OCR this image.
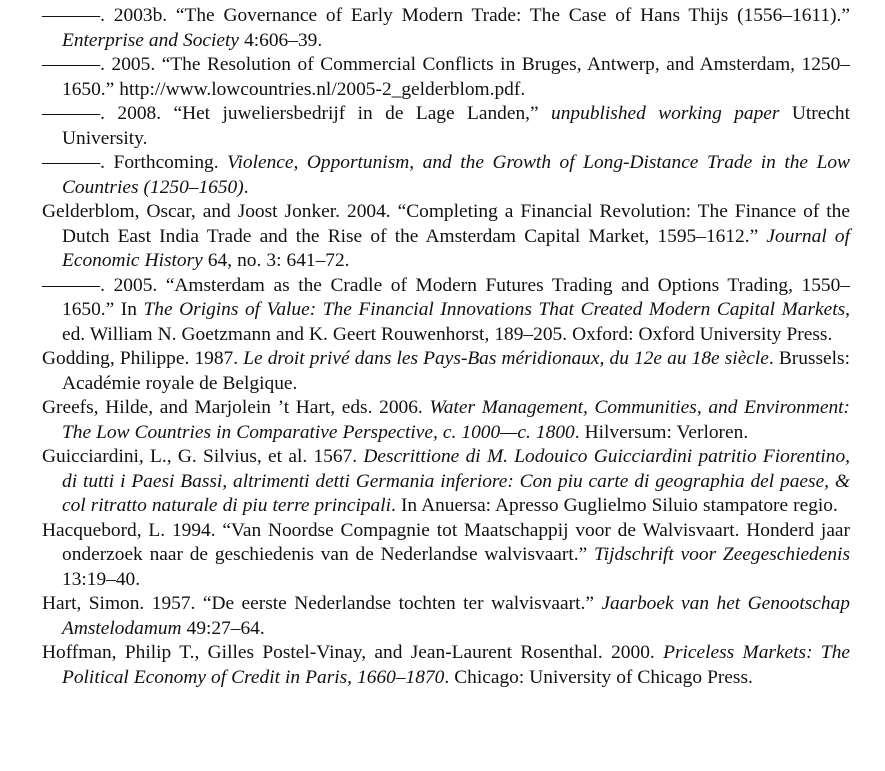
———. 2003b. “The Governance of Early Modern Trade: The Case of Hans Thijs (1556–1611).” Enterprise and Society 4:606–39.

———. 2005. “The Resolution of Commercial Conflicts in Bruges, Antwerp, and Amsterdam, 1250–1650.” http://www.lowcountries.nl/2005-2_gelderblom.pdf.

———. 2008. “Het juweliersbedrijf in de Lage Landen,” unpublished working paper Utrecht University.

———. Forthcoming. Violence, Opportunism, and the Growth of Long-Distance Trade in the Low Countries (1250–1650).

Gelderblom, Oscar, and Joost Jonker. 2004. “Completing a Financial Revolution: The Finance of the Dutch East India Trade and the Rise of the Amsterdam Capital Market, 1595–1612.” Journal of Economic History 64, no. 3: 641–72.

———. 2005. “Amsterdam as the Cradle of Modern Futures Trading and Options Trading, 1550–1650.” In The Origins of Value: The Financial Innovations That Created Modern Capital Markets, ed. William N. Goetzmann and K. Geert Rouwenhorst, 189–205. Oxford: Oxford University Press.

Godding, Philippe. 1987. Le droit privé dans les Pays-Bas méridionaux, du 12e au 18e siècle. Brussels: Académie royale de Belgique.

Greefs, Hilde, and Marjolein ’t Hart, eds. 2006. Water Management, Communities, and Environment: The Low Countries in Comparative Perspective, c. 1000—c. 1800. Hilversum: Verloren.

Guicciardini, L., G. Silvius, et al. 1567. Descrittione di M. Lodouico Guicciardini patritio Fiorentino, di tutti i Paesi Bassi, altrimenti detti Germania inferiore: Con piu carte di geographia del paese, & col ritratto naturale di piu terre principali. In Anuersa: Apresso Guglielmo Siluio stampatore regio.

Hacquebord, L. 1994. “Van Noordse Compagnie tot Maatschappij voor de Walvisvaart. Honderd jaar onderzoek naar de geschiedenis van de Nederlandse walvisvaart.” Tijdschrift voor Zeegeschiedenis 13:19–40.

Hart, Simon. 1957. “De eerste Nederlandse tochten ter walvisvaart.” Jaarboek van het Genootschap Amstelodamum 49:27–64.

Hoffman, Philip T., Gilles Postel-Vinay, and Jean-Laurent Rosenthal. 2000. Priceless Markets: The Political Economy of Credit in Paris, 1660–1870. Chicago: University of Chicago Press.
